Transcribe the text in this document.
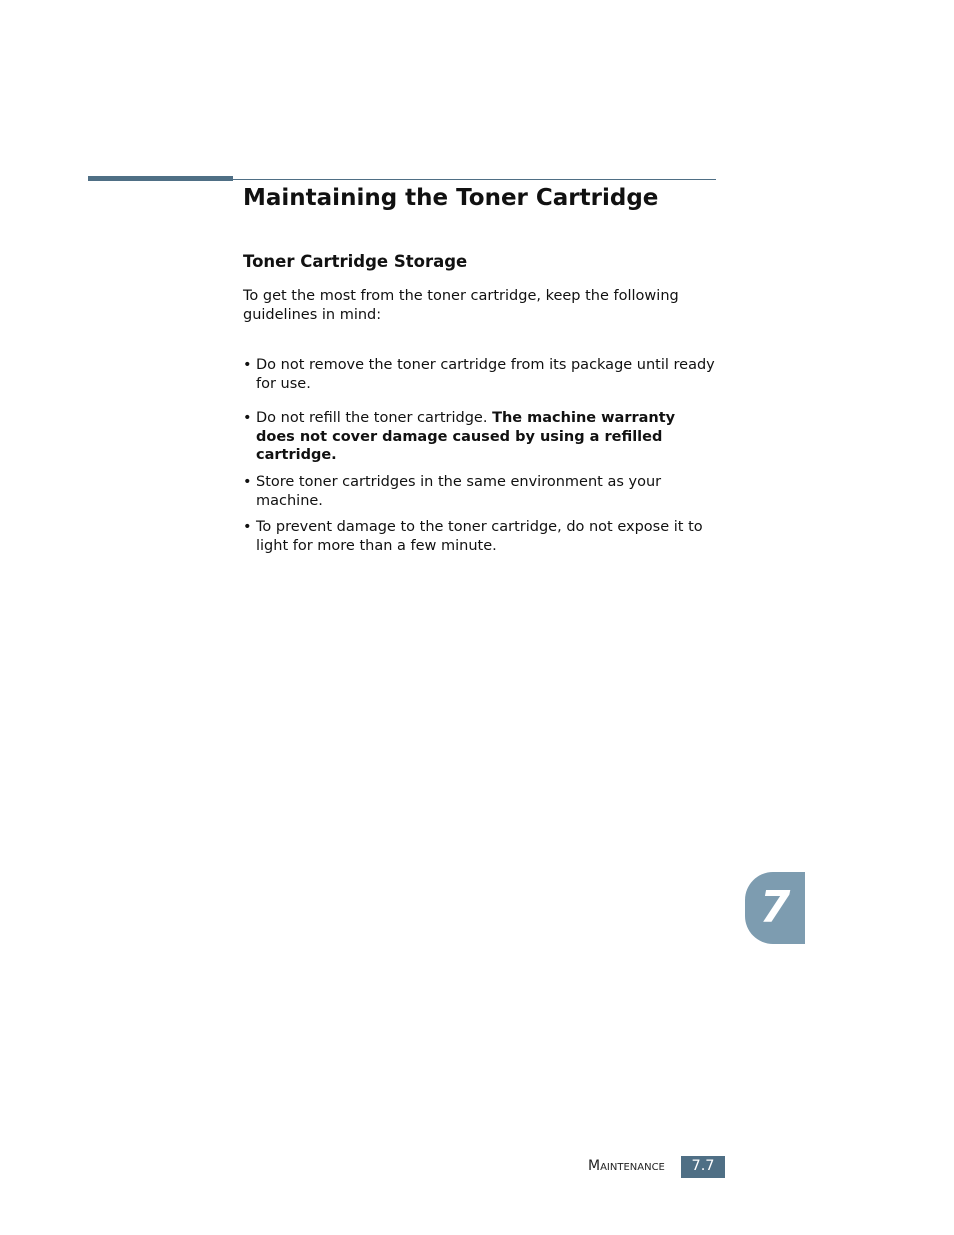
Maintaining the Toner Cartridge
Toner Cartridge Storage

To get the most from the toner cartridge, keep the following guidelines in mind:

• Do not remove the toner cartridge from its package until ready for use.
• Do not refill the toner cartridge. The machine warranty does not cover damage caused by using a refilled cartridge.
• Store toner cartridges in the same environment as your machine.
• To prevent damage to the toner cartridge, do not expose it to light for more than a few minute.
7
Maintenance	7.7
